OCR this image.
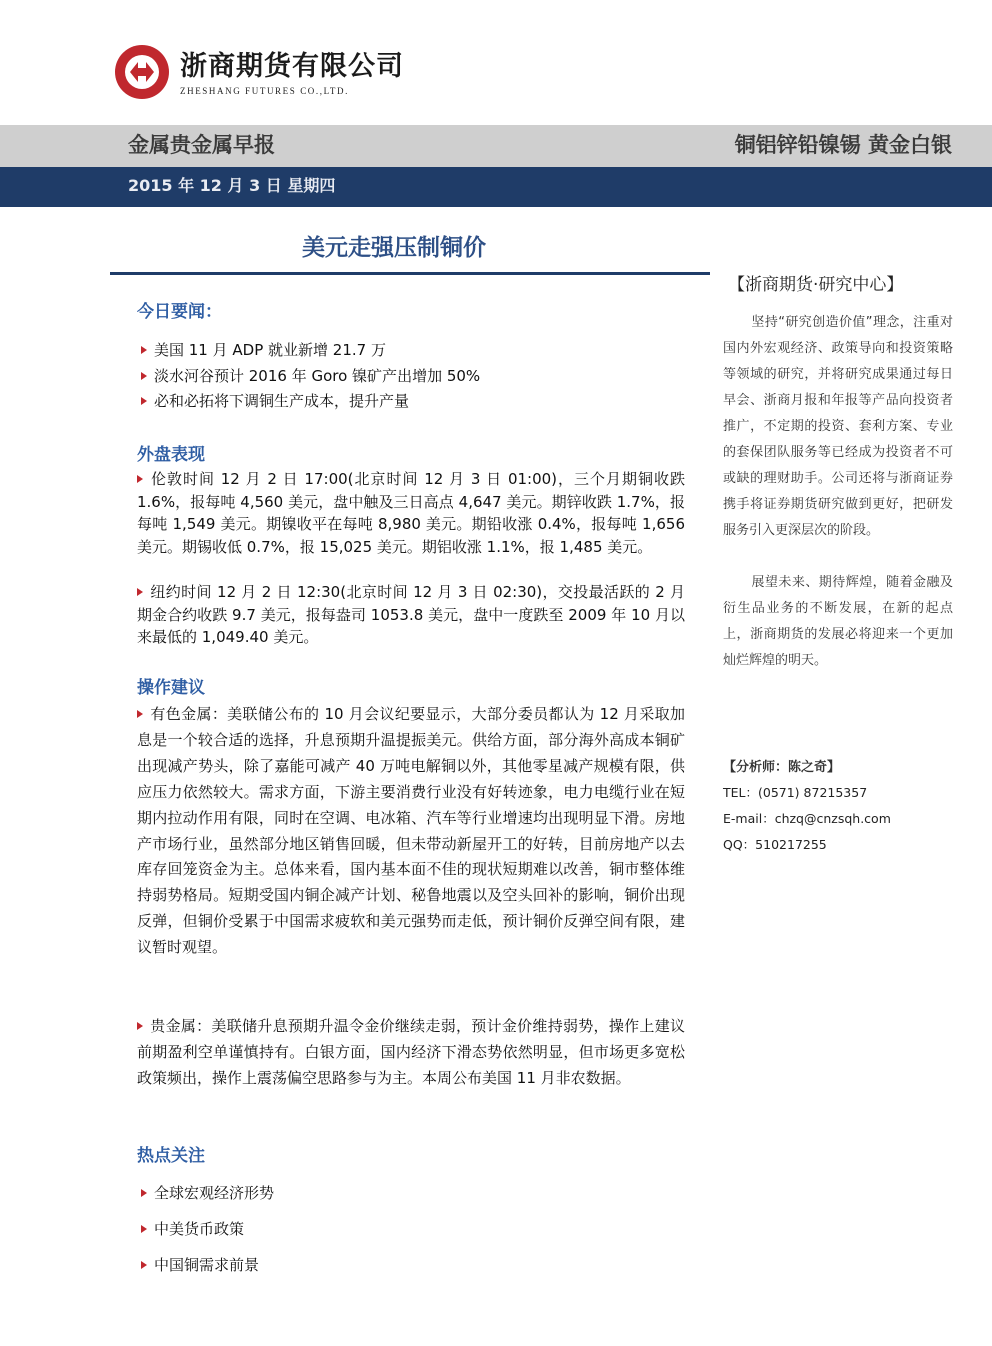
浙商期货有限公司
ZHESHANG FUTURES CO.,LTD.
金属贵金属早报	铜铝锌铅镍锡 黄金白银
2015 年 12 月 3 日 星期四
美元走强压制铜价
今日要闻：
美国 11 月 ADP 就业新增 21.7 万
淡水河谷预计 2016 年 Goro 镍矿产出增加 50%
必和必拓将下调铜生产成本，提升产量
外盘表现
伦敦时间 12 月 2 日 17:00(北京时间 12 月 3 日 01:00)，三个月期铜收跌 1.6%，报每吨 4,560 美元，盘中触及三日高点 4,647 美元。期锌收跌 1.7%，报每吨 1,549 美元。期镍收平在每吨 8,980 美元。期铅收涨 0.4%，报每吨 1,656 美元。期锡收低 0.7%，报 15,025 美元。期铝收涨 1.1%，报 1,485 美元。
纽约时间 12 月 2 日 12:30(北京时间 12 月 3 日 02:30)，交投最活跃的 2 月期金合约收跌 9.7 美元，报每盎司 1053.8 美元，盘中一度跌至 2009 年 10 月以来最低的 1,049.40 美元。
操作建议
有色金属：美联储公布的 10 月会议纪要显示，大部分委员都认为 12 月采取加息是一个较合适的选择，升息预期升温提振美元。供给方面，部分海外高成本铜矿出现减产势头，除了嘉能可减产 40 万吨电解铜以外，其他零星减产规模有限，供应压力依然较大。需求方面，下游主要消费行业没有好转迹象，电力电缆行业在短期内拉动作用有限，同时在空调、电冰箱、汽车等行业增速均出现明显下滑。房地产市场行业，虽然部分地区销售回暖，但未带动新屋开工的好转，目前房地产以去库存回笼资金为主。总体来看，国内基本面不佳的现状短期难以改善，铜市整体维持弱势格局。短期受国内铜企减产计划、秘鲁地震以及空头回补的影响，铜价出现反弹，但铜价受累于中国需求疲软和美元强势而走低，预计铜价反弹空间有限，建议暂时观望。
贵金属：美联储升息预期升温令金价继续走弱，预计金价维持弱势，操作上建议前期盈利空单谨慎持有。白银方面，国内经济下滑态势依然明显，但市场更多宽松政策频出，操作上震荡偏空思路参与为主。本周公布美国 11 月非农数据。
热点关注
全球宏观经济形势
中美货币政策
中国铜需求前景
【浙商期货·研究中心】
坚持“研究创造价值”理念，注重对国内外宏观经济、政策导向和投资策略等领域的研究，并将研究成果通过每日早会、浙商月报和年报等产品向投资者推广，不定期的投资、套利方案、专业的套保团队服务等已经成为投资者不可或缺的理财助手。公司还将与浙商证券携手将证券期货研究做到更好，把研发服务引入更深层次的阶段。
展望未来、期待辉煌，随着金融及衍生品业务的不断发展，在新的起点上，浙商期货的发展必将迎来一个更加灿烂辉煌的明天。
【分析师：陈之奇】
TEL：(0571) 87215357
E-mail：chzq@cnzsqh.com
QQ：510217255
